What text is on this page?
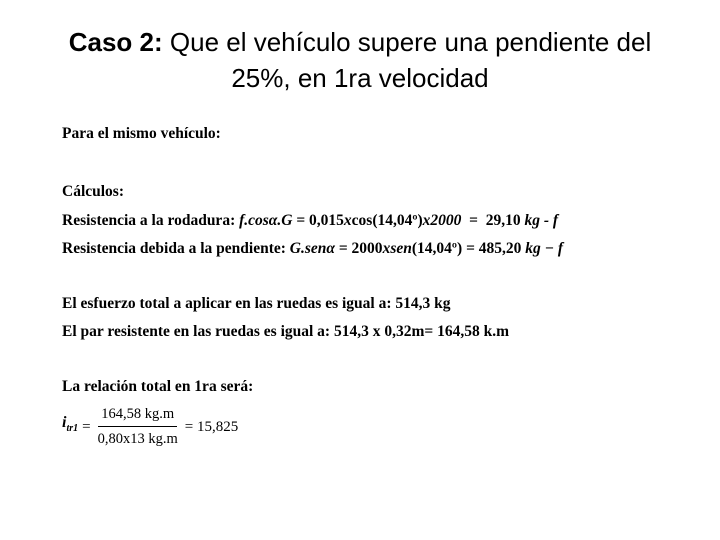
Caso 2: Que el vehículo supere una pendiente del
25%, en 1ra velocidad
Para el mismo vehículo:
Cálculos:
Resistencia a la rodadura: f.cosα.G = 0,015xcos(14,04º)x2000  =  29,10 kg - f
Resistencia debida a la pendiente: G.senα = 2000xsen(14,04º) = 485,20 kg − f
El esfuerzo total a aplicar en las ruedas es igual a: 514,3 kg
El par resistente en las ruedas es igual a: 514,3 x 0,32m= 164,58 k.m
La relación total en 1ra será:
$i_{tr1} = \frac{164,58 kg.m}{0,80x13 kg.m} = 15,825$
